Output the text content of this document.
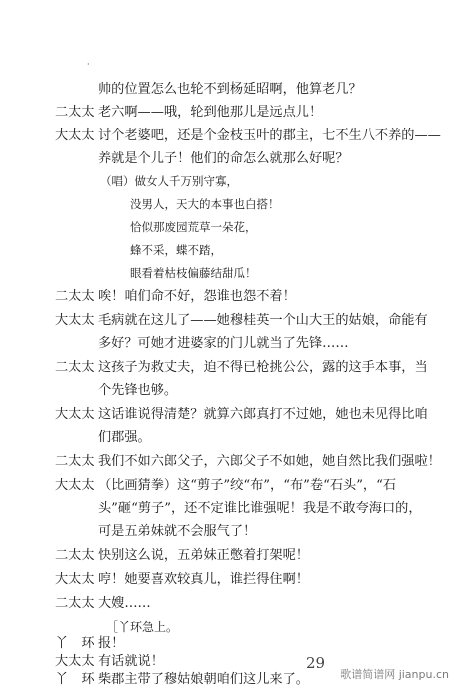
·
帅的位置怎么也轮不到杨延昭啊，他算老几？
二太太 老六啊——哦，轮到他那儿是远点儿！
大太太 讨个老婆吧，还是个金枝玉叶的郡主，七不生八不养的——
养就是个儿子！他们的命怎么就那么好呢？
（唱）做女人千万别守寡，
没男人，天大的本事也白搭！
恰似那废园荒草一朵花，
蜂不采，蝶不踏，
眼看着枯枝偏藤结甜瓜！
二太太 唉！咱们命不好，怨谁也怨不着！
大太太 毛病就在这儿了——她穆桂英一个山大王的姑娘，命能有
多好？可她才进婆家的门儿就当了先锋……
二太太 这孩子为救丈夫，迫不得已枪挑公公，露的这手本事，当
个先锋也够。
大太太 这话谁说得清楚？就算六郎真打不过她，她也未见得比咱
们郡强。
二太太 我们不如六郎父子，六郎父子不如她，她自然比我们强啦！
大太太 （比画猜拳）这“剪子”绞“布”，“布”卷“石头”，“石
头”砸“剪子”，还不定谁比谁强呢！我是不敢夸海口的，
可是五弟妹就不会服气了！
二太太 快别这么说，五弟妹正憋着打架呢！
大太太 哼！她要喜欢较真儿，谁拦得住啊！
二太太 大嫂……
［丫环急上。
丫　环 报！
大太太 有话就说！	29
歌谱简谱网 jianpu.cn
丫　环 柴郡主带了穆姑娘朝咱们这儿来了。
